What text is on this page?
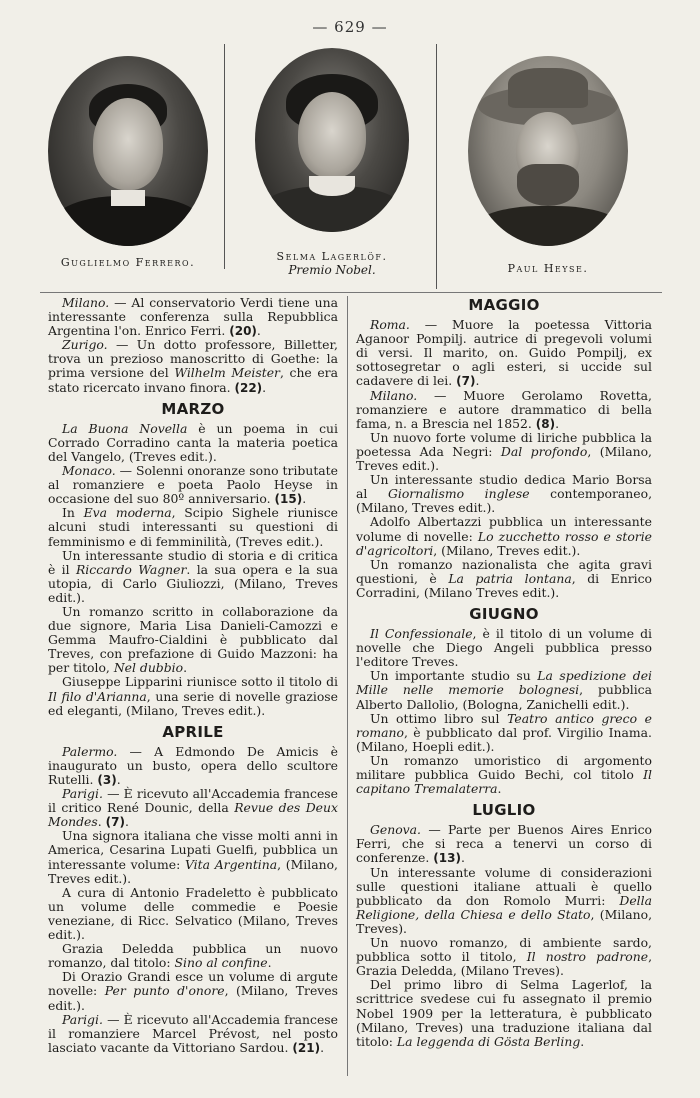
— 629 —
Guglielmo Ferrero.	Selma Lagerlöf.
Premio Nobel.	Paul Heyse.

Milano. — Al conservatorio Verdi tiene una interessante conferenza sulla Repubblica Argentina l'on. Enrico Ferri. (20).

Zurigo. — Un dotto professore, Billetter, trova un prezioso manoscritto di Goethe: la prima versione del Wilhelm Meister, che era stato ricercato invano finora. (22).

MARZO

La Buona Novella è un poema in cui Corrado Corradino canta la materia poetica del Vangelo, (Treves edit.).

Monaco. — Solenni onoranze sono tributate al romanziere e poeta Paolo Heyse in occasione del suo 80º anniversario. (15).

In Eva moderna, Scipio Sighele riunisce alcuni studi interessanti su questioni di femminismo e di femminilità, (Treves edit.).

Un interessante studio di storia e di critica è il Riccardo Wagner. la sua opera e la sua utopia, di Carlo Giuliozzi, (Milano, Treves edit.).

Un romanzo scritto in collaborazione da due signore, Maria Lisa Danieli-Camozzi e Gemma Maufro-Cialdini è pubblicato dal Treves, con prefazione di Guido Mazzoni: ha per titolo, Nel dubbio.

Giuseppe Lipparini riunisce sotto il titolo di Il filo d'Arianna, una serie di novelle graziose ed eleganti, (Milano, Treves edit.).

APRILE

Palermo. — A Edmondo De Amicis è inaugurato un busto, opera dello scultore Rutelli. (3).

Parigi. — È ricevuto all'Accademia francese il critico René Dounic, della Revue des Deux Mondes. (7).

Una signora italiana che visse molti anni in America, Cesarina Lupati Guelfi, pubblica un interessante volume: Vita Argentina, (Milano, Treves edit.).

A cura di Antonio Fradeletto è pubblicato un volume delle commedie e Poesie veneziane, di Ricc. Selvatico (Milano, Treves edit.).

Grazia Deledda pubblica un nuovo romanzo, dal titolo: Sino al confine.

Di Orazio Grandi esce un volume di argute novelle: Per punto d'onore, (Milano, Treves edit.).

Parigi. — È ricevuto all'Accademia francese il romanziere Marcel Prévost, nel posto lasciato vacante da Vittoriano Sardou. (21).

MAGGIO

Roma. — Muore la poetessa Vittoria Aganoor Pompilj. autrice di pregevoli volumi di versi. Il marito, on. Guido Pompilj, ex sottosegretar o agli esteri, si uccide sul cadavere di lei. (7).

Milano. — Muore Gerolamo Rovetta, romanziere e autore drammatico di bella fama, n. a Brescia nel 1852. (8).

Un nuovo forte volume di liriche pubblica la poetessa Ada Negri: Dal profondo, (Milano, Treves edit.).

Un interessante studio dedica Mario Borsa al Giornalismo inglese contemporaneo, (Milano, Treves edit.).

Adolfo Albertazzi pubblica un interessante volume di novelle: Lo zucchetto rosso e storie d'agricoltori, (Milano, Treves edit.).

Un romanzo nazionalista che agita gravi questioni, è La patria lontana, di Enrico Corradini, (Milano Treves edit.).

GIUGNO

Il Confessionale, è il titolo di un volume di novelle che Diego Angeli pubblica presso l'editore Treves.

Un importante studio su La spedizione dei Mille nelle memorie bolognesi, pubblica Alberto Dallolio, (Bologna, Zanichelli edit.).

Un ottimo libro sul Teatro antico greco e romano, è pubblicato dal prof. Virgilio Inama. (Milano, Hoepli edit.).

Un romanzo umoristico di argomento militare pubblica Guido Bechi, col titolo Il capitano Tremalaterra.

LUGLIO

Genova. — Parte per Buenos Aires Enrico Ferri, che si reca a tenervi un corso di conferenze. (13).

Un interessante volume di considerazioni sulle questioni italiane attuali è quello pubblicato da don Romolo Murri: Della Religione, della Chiesa e dello Stato, (Milano, Treves).

Un nuovo romanzo, di ambiente sardo, pubblica sotto il titolo, Il nostro padrone, Grazia Deledda, (Milano Treves).

Del primo libro di Selma Lagerlof, la scrittrice svedese cui fu assegnato il premio Nobel 1909 per la letteratura, è pubblicato (Milano, Treves) una traduzione italiana dal titolo: La leggenda di Gösta Berling.
